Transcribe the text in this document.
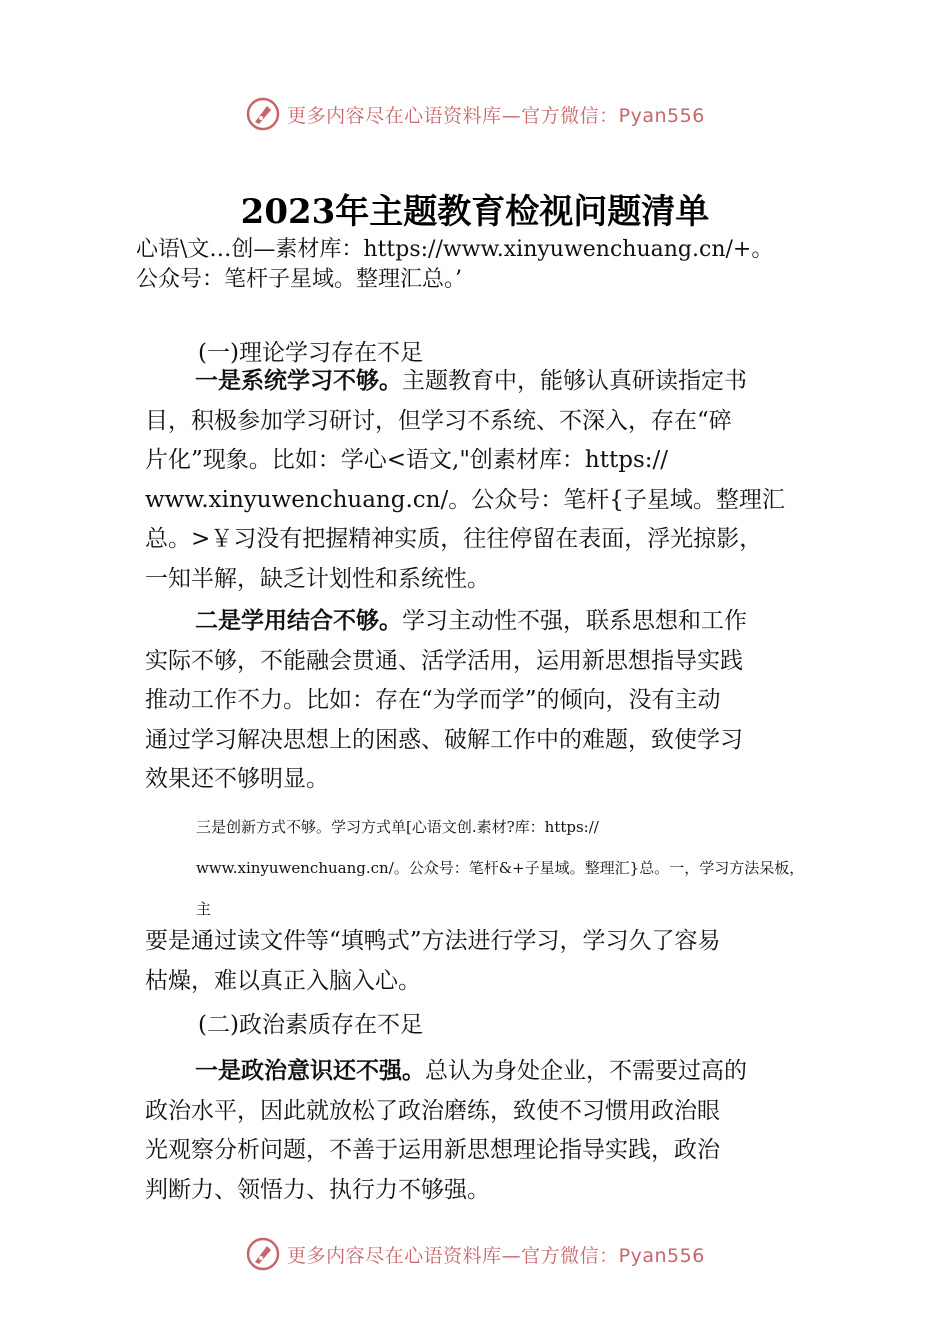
更多内容尽在心语资料库—官方微信：Pyan556
2023年主题教育检视问题清单

心语\文…创—素材库：https://www.xinyuwenchuang.cn/+。

公众号：笔杆子星域。整理汇总。’

(一)理论学习存在不足

一是系统学习不够。主题教育中，能够认真研读指定书
目，积极参加学习研讨，但学习不系统、不深入，存在“碎
片化”现象。比如：学心<语文,"创素材库：https://
www.xinyuwenchuang.cn/。公众号：笔杆{子星域。整理汇
总。>￥习没有把握精神实质，往往停留在表面，浮光掠影，
一知半解，缺乏计划性和系统性。
二是学用结合不够。学习主动性不强，联系思想和工作
实际不够，不能融会贯通、活学活用，运用新思想指导实践
推动工作不力。比如：存在“为学而学”的倾向，没有主动
通过学习解决思想上的困惑、破解工作中的难题，致使学习
效果还不够明显。

三是创新方式不够。学习方式单[心语文创.素材?库：https://

www.xinyuwenchuang.cn/。公众号：笔杆&+子星域。整理汇}总。一，学习方法呆板，

主

要是通过读文件等“填鸭式”方法进行学习，学习久了容易
枯燥，难以真正入脑入心。

(二)政治素质存在不足

一是政治意识还不强。总认为身处企业，不需要过高的
政治水平，因此就放松了政治磨练，致使不习惯用政治眼
光观察分析问题，不善于运用新思想理论指导实践，政治
判断力、领悟力、执行力不够强。
更多内容尽在心语资料库—官方微信：Pyan556
